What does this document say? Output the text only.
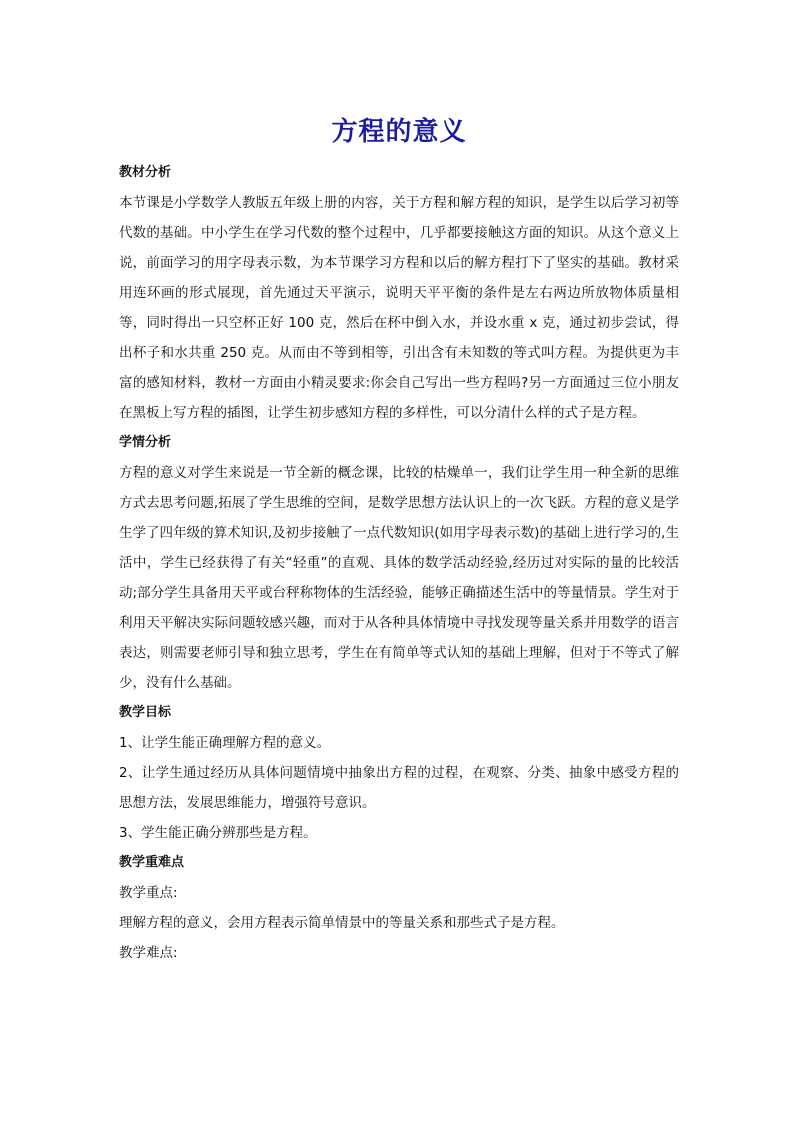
方程的意义
教材分析

本节课是小学数学人教版五年级上册的内容，关于方程和解方程的知识，是学生以后学习初等代数的基础。中小学生在学习代数的整个过程中，几乎都要接触这方面的知识。从这个意义上说，前面学习的用字母表示数，为本节课学习方程和以后的解方程打下了坚实的基础。教材采用连环画的形式展现，首先通过天平演示，说明天平平衡的条件是左右两边所放物体质量相等，同时得出一只空杯正好 100 克，然后在杯中倒入水，并设水重 x 克，通过初步尝试，得出杯子和水共重 250 克。从而由不等到相等，引出含有未知数的等式叫方程。为提供更为丰富的感知材料，教材一方面由小精灵要求:你会自己写出一些方程吗?另一方面通过三位小朋友在黑板上写方程的插图，让学生初步感知方程的多样性，可以分清什么样的式子是方程。

学情分析

方程的意义对学生来说是一节全新的概念课，比较的枯燥单一，我们让学生用一种全新的思维方式去思考问题,拓展了学生思维的空间，是数学思想方法认识上的一次飞跃。方程的意义是学生学了四年级的算术知识,及初步接触了一点代数知识(如用字母表示数)的基础上进行学习的,生活中，学生已经获得了有关“轻重”的直观、具体的数学活动经验,经历过对实际的量的比较活动;部分学生具备用天平或台秤称物体的生活经验，能够正确描述生活中的等量情景。学生对于利用天平解决实际问题较感兴趣，而对于从各种具体情境中寻找发现等量关系并用数学的语言表达，则需要老师引导和独立思考，学生在有简单等式认知的基础上理解，但对于不等式了解少，没有什么基础。

教学目标

1、让学生能正确理解方程的意义。

2、让学生通过经历从具体问题情境中抽象出方程的过程，在观察、分类、抽象中感受方程的思想方法，发展思维能力，增强符号意识。

3、学生能正确分辨那些是方程。

教学重难点

教学重点:

理解方程的意义，会用方程表示简单情景中的等量关系和那些式子是方程。

教学难点:
